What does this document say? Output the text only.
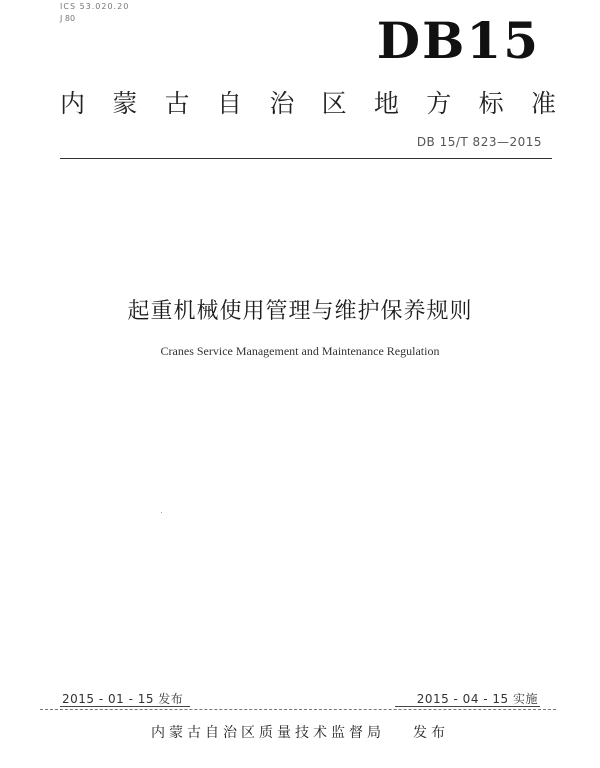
ICS 53.020.20
J 80	DB15
内 蒙 古 自 治 区 地 方 标 准
DB 15/T 823—2015
起重机械使用管理与维护保养规则
Cranes Service Management and Maintenance Regulation
2015 - 01 - 15 发布	2015 - 04 - 15 实施
内蒙古自治区质量技术监督局 发布
